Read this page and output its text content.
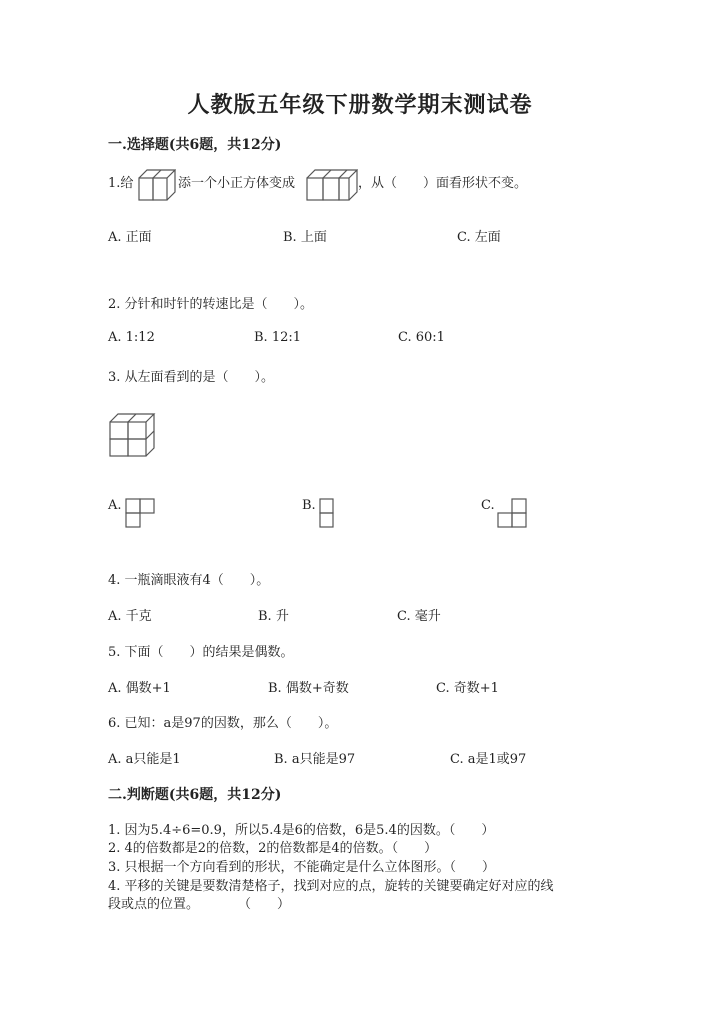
人教版五年级下册数学期末测试卷
一.选择题(共6题，共12分)
1.给	添一个小正方体变成	，从（　　）面看形状不变。
A. 正面	B. 上面	C. 左面
2. 分针和时针的转速比是（　　）。
A. 1:12	B. 12:1	C. 60:1
3. 从左面看到的是（　　）。
A.	B.	C.
4. 一瓶滴眼液有4（　　）。
A. 千克	B. 升	C. 毫升
5. 下面（　　）的结果是偶数。
A. 偶数+1	B. 偶数+奇数	C. 奇数+1
6. 已知：a是97的因数，那么（　　）。
A. a只能是1	B. a只能是97	C. a是1或97
二.判断题(共6题，共12分)
1. 因为5.4÷6=0.9，所以5.4是6的倍数，6是5.4的因数。（　　）
2. 4的倍数都是2的倍数，2的倍数都是4的倍数。（　　）
3. 只根据一个方向看到的形状，不能确定是什么立体图形。（　　）
4. 平移的关键是要数清楚格子，找到对应的点，旋转的关键要确定好对应的线
段或点的位置。　　　　（　　）
